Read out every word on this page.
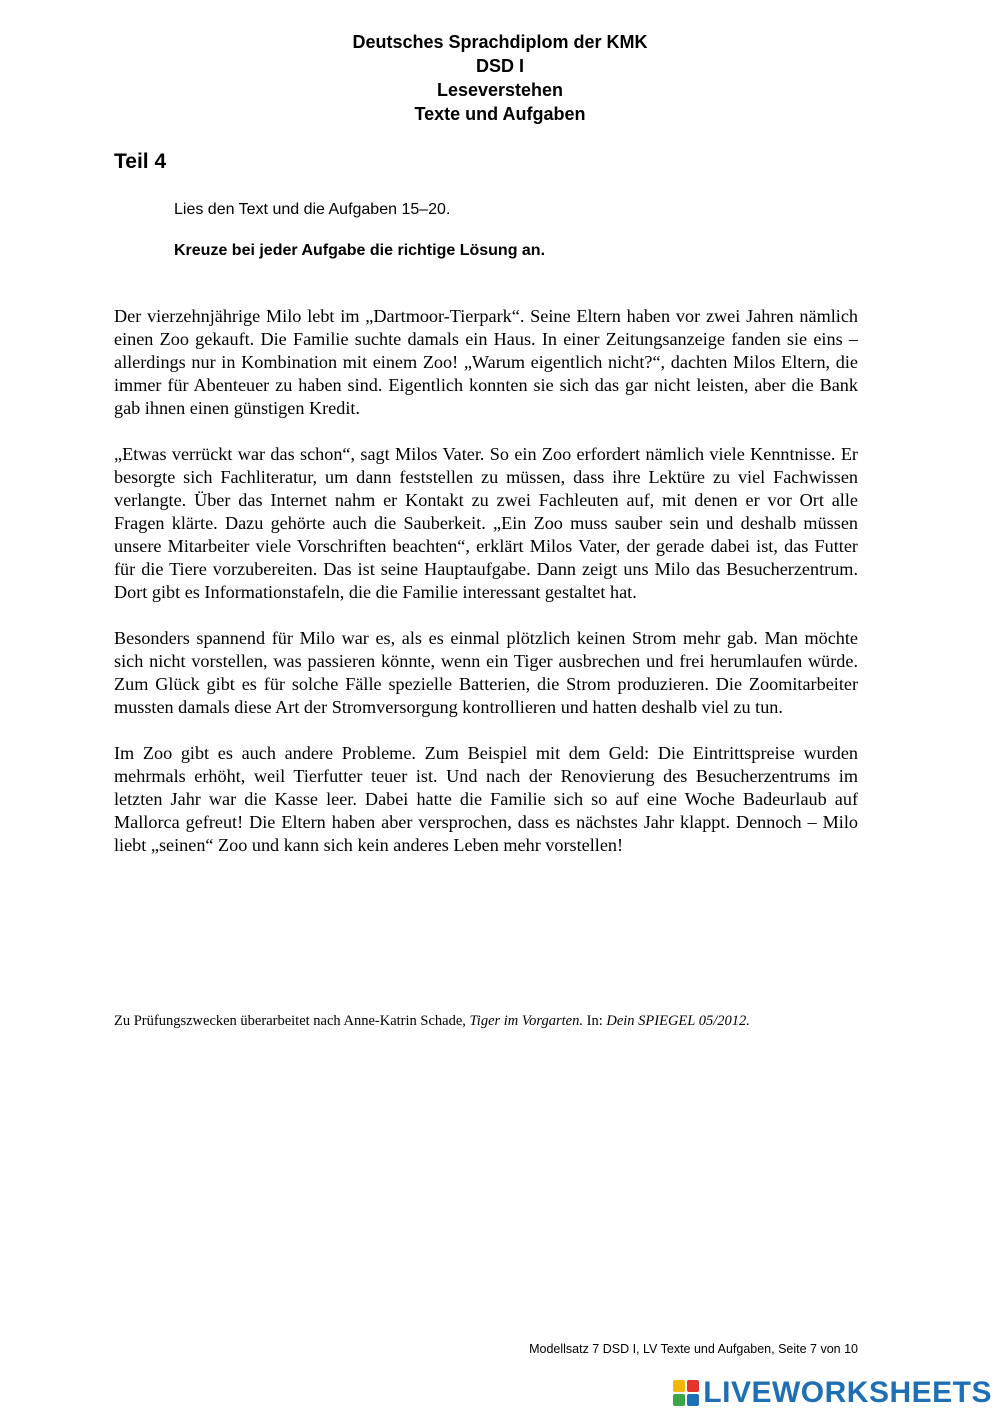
Deutsches Sprachdiplom der KMK
DSD I
Leseverstehen
Texte und Aufgaben
Teil 4
Lies den Text und die Aufgaben 15–20.
Kreuze bei jeder Aufgabe die richtige Lösung an.

Der vierzehnjährige Milo lebt im „Dartmoor-Tierpark“. Seine Eltern haben vor zwei Jahren nämlich einen Zoo gekauft. Die Familie suchte damals ein Haus. In einer Zeitungsanzeige fanden sie eins – allerdings nur in Kombination mit einem Zoo! „Warum eigentlich nicht?“, dachten Milos Eltern, die immer für Abenteuer zu haben sind. Eigentlich konnten sie sich das gar nicht leisten, aber die Bank gab ihnen einen günstigen Kredit.

„Etwas verrückt war das schon“, sagt Milos Vater. So ein Zoo erfordert nämlich viele Kenntnisse. Er besorgte sich Fachliteratur, um dann feststellen zu müssen, dass ihre Lektüre zu viel Fachwissen verlangte. Über das Internet nahm er Kontakt zu zwei Fachleuten auf, mit denen er vor Ort alle Fragen klärte. Dazu gehörte auch die Sauberkeit. „Ein Zoo muss sauber sein und deshalb müssen unsere Mitarbeiter viele Vorschriften beachten“, erklärt Milos Vater, der gerade dabei ist, das Futter für die Tiere vorzubereiten. Das ist seine Hauptaufgabe. Dann zeigt uns Milo das Besucherzentrum. Dort gibt es Informationstafeln, die die Familie interessant gestaltet hat.

Besonders spannend für Milo war es, als es einmal plötzlich keinen Strom mehr gab. Man möchte sich nicht vorstellen, was passieren könnte, wenn ein Tiger ausbrechen und frei herumlaufen würde. Zum Glück gibt es für solche Fälle spezielle Batterien, die Strom produzieren. Die Zoomitarbeiter mussten damals diese Art der Stromversorgung kontrollieren und hatten deshalb viel zu tun.

Im Zoo gibt es auch andere Probleme. Zum Beispiel mit dem Geld: Die Eintrittspreise wurden mehrmals erhöht, weil Tierfutter teuer ist. Und nach der Renovierung des Besucherzentrums im letzten Jahr war die Kasse leer. Dabei hatte die Familie sich so auf eine Woche Badeurlaub auf Mallorca gefreut! Die Eltern haben aber versprochen, dass es nächstes Jahr klappt. Dennoch – Milo liebt „seinen“ Zoo und kann sich kein anderes Leben mehr vorstellen!

Zu Prüfungszwecken überarbeitet nach Anne-Katrin Schade, Tiger im Vorgarten. In: Dein SPIEGEL 05/2012.
Modellsatz 7 DSD I, LV Texte und Aufgaben, Seite 7 von 10
LIVEWORKSHEETS
